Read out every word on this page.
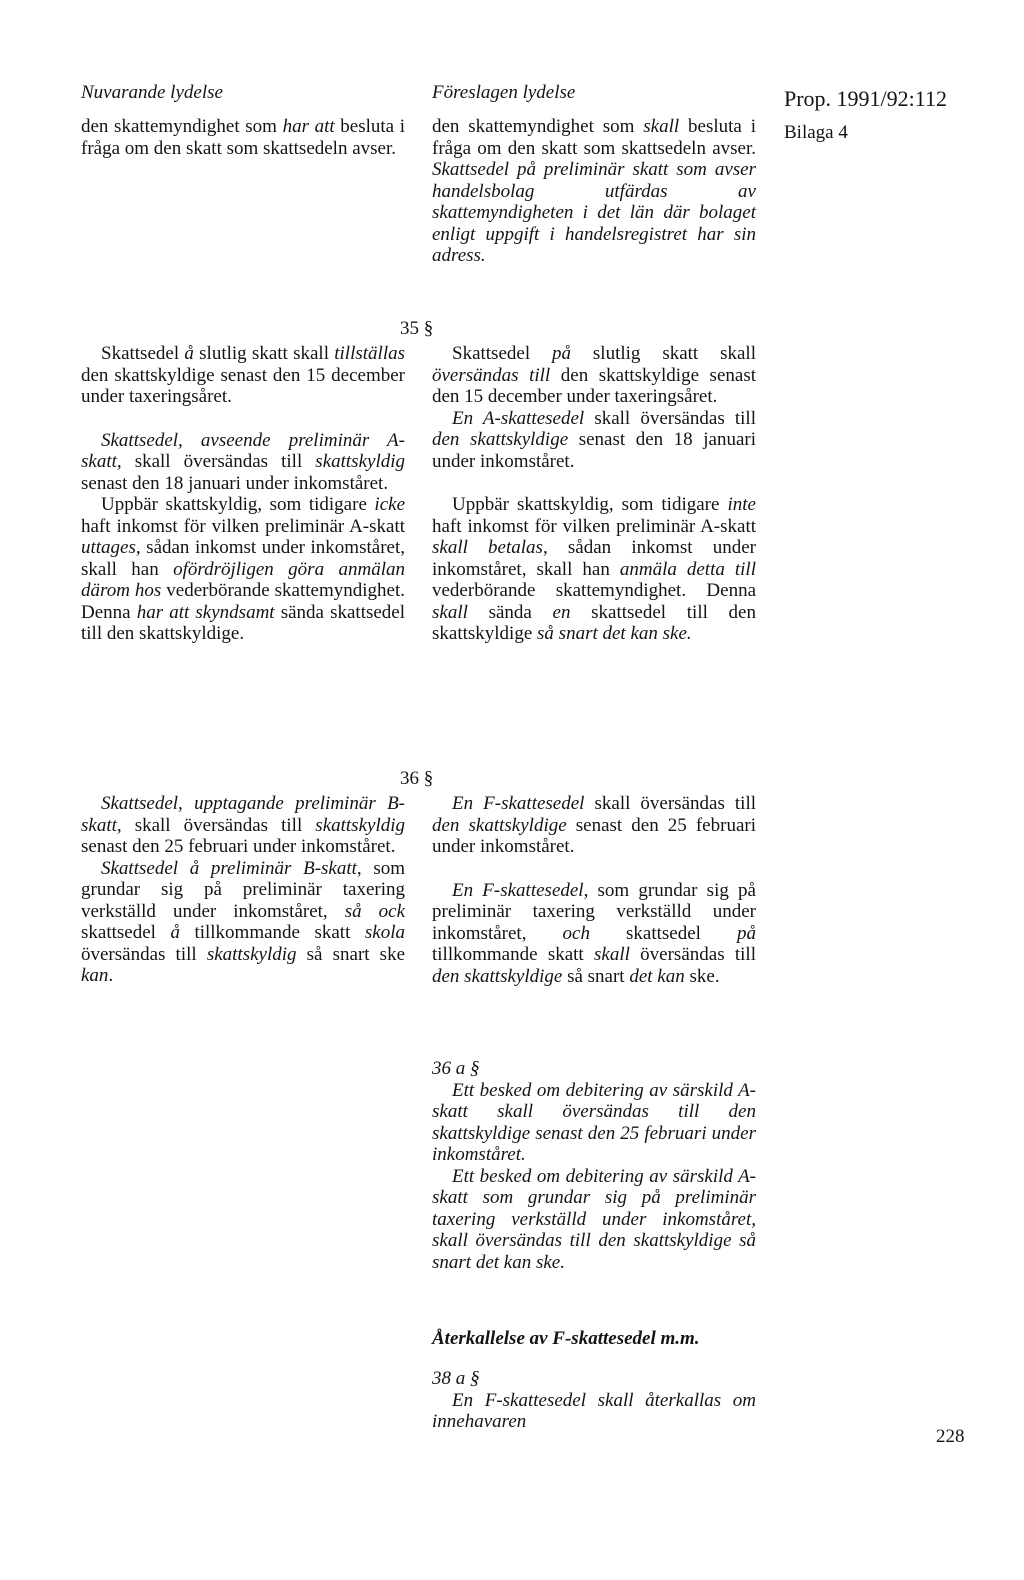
Nuvarande lydelse	Föreslagen lydelse	Prop. 1991/92:112
Bilaga 4
den skattemyndighet som har att besluta i fråga om den skatt som skattsedeln avser.
den skattemyndighet som skall besluta i fråga om den skatt som skattsedeln avser. Skattsedel på preliminär skatt som avser handelsbolag utfärdas av skattemyndigheten i det län där bolaget enligt uppgift i handelsregistret har sin adress.
35 §
Skattsedel å slutlig skatt skall tillställas den skattskyldige senast den 15 december under taxeringsåret.
Skattsedel, avseende preliminär A-skatt, skall översändas till skattskyldig senast den 18 januari under inkomståret.
Uppbär skattskyldig, som tidigare icke haft inkomst för vilken preliminär A-skatt uttages, sådan inkomst under inkomståret, skall han ofördröjligen göra anmälan därom hos vederbörande skattemyndighet. Denna har att skyndsamt sända skattsedel till den skattskyldige.
Skattsedel på slutlig skatt skall översändas till den skattskyldige senast den 15 december under taxeringsåret.
En A-skattesedel skall översändas till den skattskyldige senast den 18 januari under inkomståret.
Uppbär skattskyldig, som tidigare inte haft inkomst för vilken preliminär A-skatt skall betalas, sådan inkomst under inkomståret, skall han anmäla detta till vederbörande skattemyndighet. Denna skall sända en skattsedel till den skattskyldige så snart det kan ske.
36 §
Skattsedel, upptagande preliminär B-skatt, skall översändas till skattskyldig senast den 25 februari under inkomståret.
Skattsedel å preliminär B-skatt, som grundar sig på preliminär taxering verkställd under inkomståret, så ock skattsedel å tillkommande skatt skola översändas till skattskyldig så snart ske kan.
En F-skattesedel skall översändas till den skattskyldige senast den 25 februari under inkomståret.
En F-skattesedel, som grundar sig på preliminär taxering verkställd under inkomståret, och skattsedel på tillkommande skatt skall översändas till den skattskyldige så snart det kan ske.
36 a §
Ett besked om debitering av särskild A-skatt skall översändas till den skattskyldige senast den 25 februari under inkomståret.
Ett besked om debitering av särskild A-skatt som grundar sig på preliminär taxering verkställd under inkomståret, skall översändas till den skattskyldige så snart det kan ske.
Återkallelse av F-skattesedel m.m.
38 a §
En F-skattesedel skall återkallas om innehavaren
228
